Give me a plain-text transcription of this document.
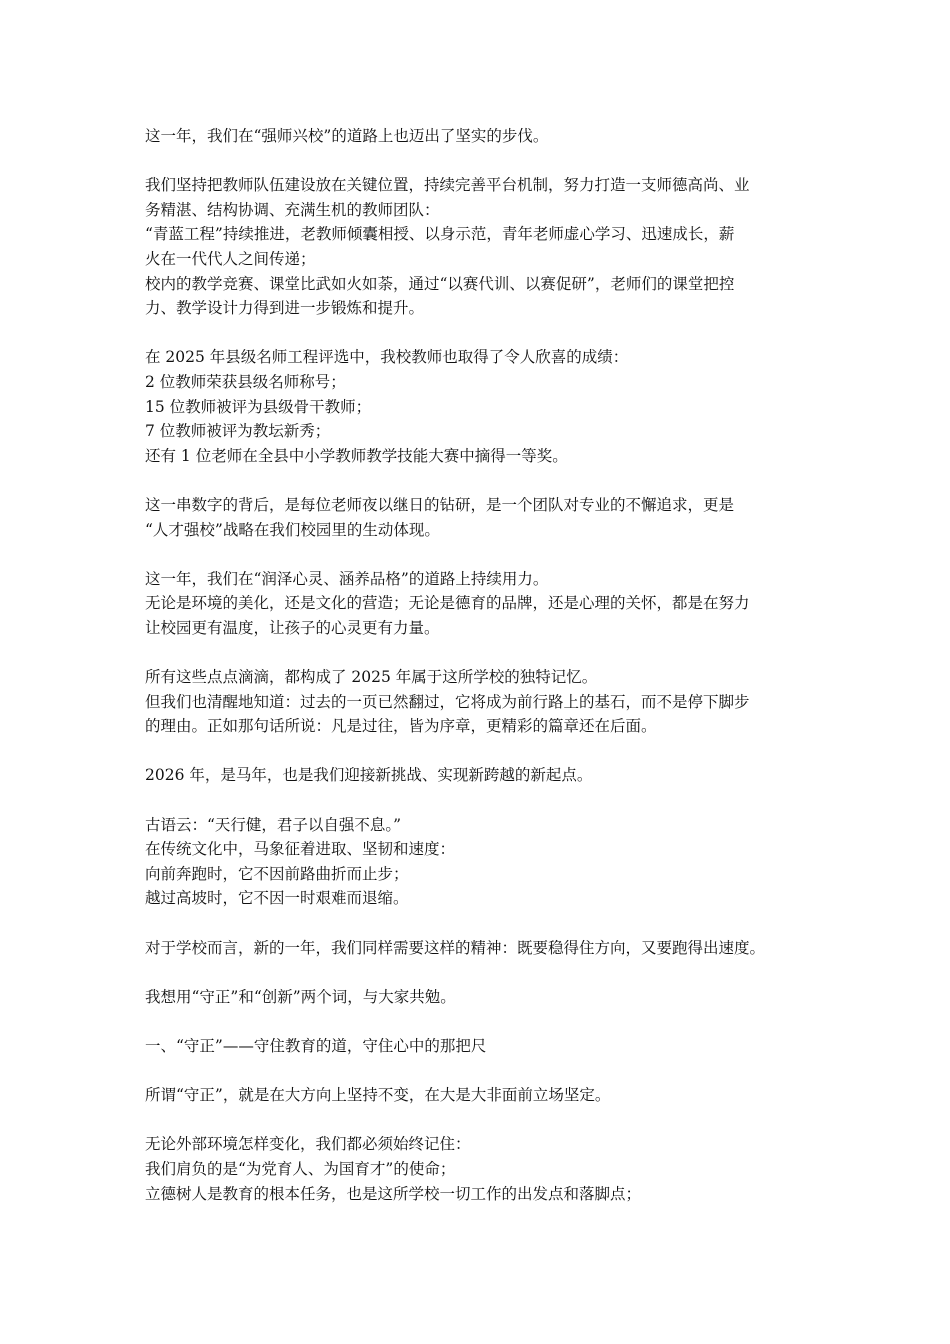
这一年，我们在“强师兴校”的道路上也迈出了坚实的步伐。
我们坚持把教师队伍建设放在关键位置，持续完善平台机制，努力打造一支师德高尚、业
务精湛、结构协调、充满生机的教师团队：
“青蓝工程”持续推进，老教师倾囊相授、以身示范，青年老师虚心学习、迅速成长，薪
火在一代代人之间传递；
校内的教学竞赛、课堂比武如火如荼，通过“以赛代训、以赛促研”，老师们的课堂把控
力、教学设计力得到进一步锻炼和提升。
在 2025 年县级名师工程评选中，我校教师也取得了令人欣喜的成绩：
2 位教师荣获县级名师称号；
15 位教师被评为县级骨干教师；
7 位教师被评为教坛新秀；
还有 1 位老师在全县中小学教师教学技能大赛中摘得一等奖。
这一串数字的背后，是每位老师夜以继日的钻研，是一个团队对专业的不懈追求，更是
“人才强校”战略在我们校园里的生动体现。
这一年，我们在“润泽心灵、涵养品格”的道路上持续用力。
无论是环境的美化，还是文化的营造；无论是德育的品牌，还是心理的关怀，都是在努力
让校园更有温度，让孩子的心灵更有力量。
所有这些点点滴滴，都构成了 2025 年属于这所学校的独特记忆。
但我们也清醒地知道：过去的一页已然翻过，它将成为前行路上的基石，而不是停下脚步
的理由。正如那句话所说：凡是过往，皆为序章，更精彩的篇章还在后面。
2026 年，是马年，也是我们迎接新挑战、实现新跨越的新起点。
古语云：“天行健，君子以自强不息。”
在传统文化中，马象征着进取、坚韧和速度：
向前奔跑时，它不因前路曲折而止步；
越过高坡时，它不因一时艰难而退缩。
对于学校而言，新的一年，我们同样需要这样的精神：既要稳得住方向，又要跑得出速度。
我想用“守正”和“创新”两个词，与大家共勉。
一、“守正”——守住教育的道，守住心中的那把尺
所谓“守正”，就是在大方向上坚持不变，在大是大非面前立场坚定。
无论外部环境怎样变化，我们都必须始终记住：
我们肩负的是“为党育人、为国育才”的使命；
立德树人是教育的根本任务，也是这所学校一切工作的出发点和落脚点；
